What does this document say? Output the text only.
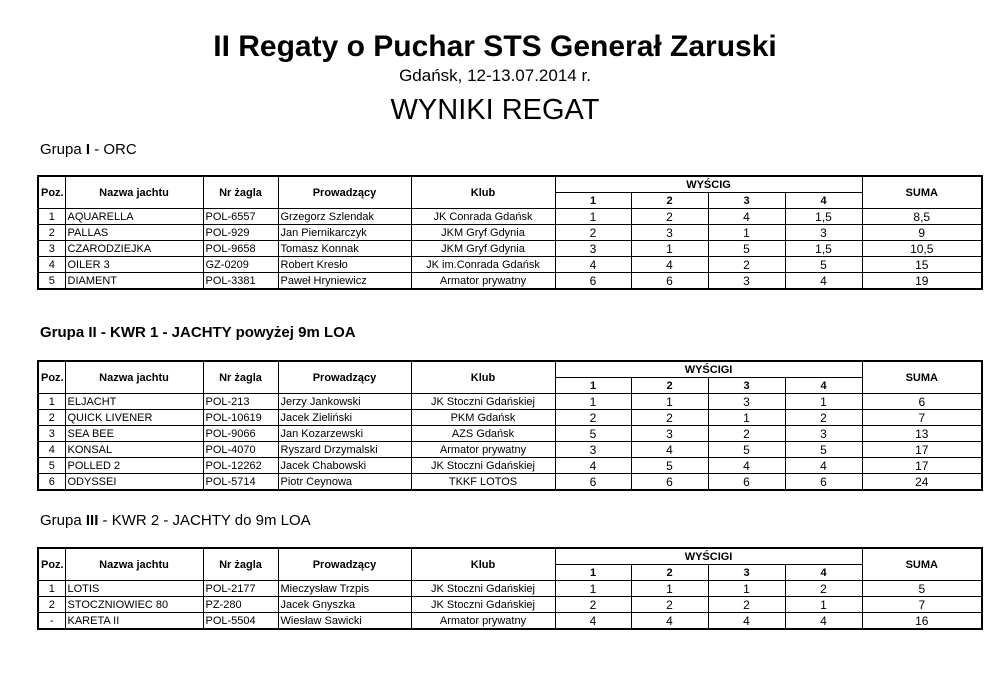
II Regaty o Puchar STS Generał Zaruski
Gdańsk, 12-13.07.2014 r.
WYNIKI REGAT
Grupa I - ORC
Poz.	Nazwa jachtu	Nr żagla	Prowadzący	Klub	WYŚCIG				SUMA
					1	2	3	4	
1	AQUARELLA	POL-6557	Grzegorz Szlendak	JK Conrada Gdańsk	1	2	4	1,5	8,5
2	PALLAS	POL-929	Jan Piernikarczyk	JKM Gryf Gdynia	2	3	1	3	9
3	CZARODZIEJKA	POL-9658	Tomasz Konnak	JKM Gryf Gdynia	3	1	5	1,5	10,5
4	OILER 3	GZ-0209	Robert Kresło	JK im.Conrada Gdańsk	4	4	2	5	15
5	DIAMENT	POL-3381	Paweł Hryniewicz	Armator prywatny	6	6	3	4	19
Grupa II - KWR 1 - JACHTY powyżej 9m LOA
Poz.	Nazwa jachtu	Nr żagla	Prowadzący	Klub	WYŚCIGI				SUMA
					1	2	3	4	
1	ELJACHT	POL-213	Jerzy Jankowski	JK Stoczni Gdańskiej	1	1	3	1	6
2	QUICK LIVENER	POL-10619	Jacek Zieliński	PKM Gdańsk	2	2	1	2	7
3	SEA BEE	POL-9066	Jan Kozarzewski	AZS Gdańsk	5	3	2	3	13
4	KONSAL	POL-4070	Ryszard Drzymalski	Armator prywatny	3	4	5	5	17
5	POLLED 2	POL-12262	Jacek Chabowski	JK Stoczni Gdańskiej	4	5	4	4	17
6	ODYSSEI	POL-5714	Piotr Ceynowa	TKKF LOTOS	6	6	6	6	24
Grupa III - KWR 2 - JACHTY do 9m LOA
Poz.	Nazwa jachtu	Nr żagla	Prowadzący	Klub	WYŚCIGI				SUMA
					1	2	3	4	
1	LOTIS	POL-2177	Mieczysław Trzpis	JK Stoczni Gdańskiej	1	1	1	2	5
2	STOCZNIOWIEC 80	PZ-280	Jacek Gnyszka	JK Stoczni Gdańskiej	2	2	2	1	7
-	KARETA II	POL-5504	Wiesław Sawicki	Armator prywatny	4	4	4	4	16
